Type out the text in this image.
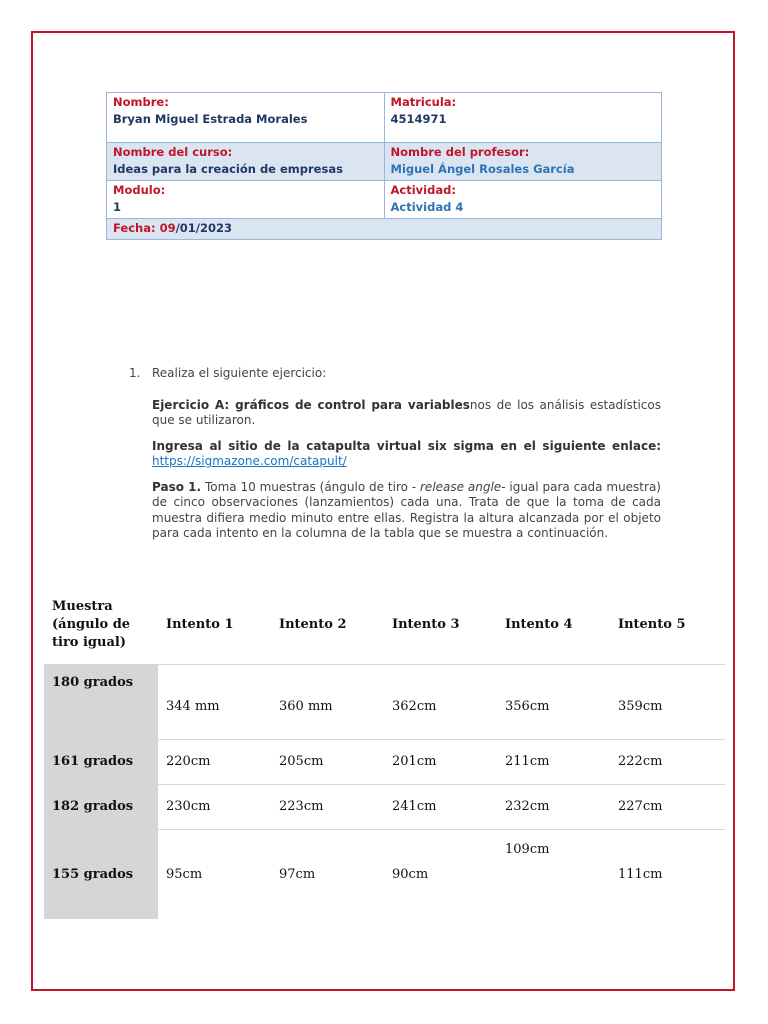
Nombre:
Bryan Miguel Estrada Morales	Matricula:
4514971

Nombre del curso:
Ideas para la creación de empresas	Nombre del profesor:
Miguel Ángel Rosales García

Modulo:
1	Actividad:
Actividad 4

Fecha: 09/01/2023	

1. Realiza el siguiente ejercicio:

Ejercicio A: gráficos de control para variablesnos de los análisis estadísticos que se utilizaron.

Ingresa al sitio de la catapulta virtual six sigma en el siguiente enlace: https://sigmazone.com/catapult/

Paso 1. Toma 10 muestras (ángulo de tiro - release angle- igual para cada muestra) de cinco observaciones (lanzamientos) cada una. Trata de que la toma de cada muestra difiera medio minuto entre ellas. Registra la altura alcanzada por el objeto para cada intento en la columna de la tabla que se muestra a continuación.

Muestra (ángulo de tiro igual)	Intento 1	Intento 2	Intento 3	Intento 4	Intento 5
180 grados	344 mm	360 mm	362cm	356cm	359cm
161 grados	220cm	205cm	201cm	211cm	222cm
182 grados	230cm	223cm	241cm	232cm	227cm
155 grados	95cm	97cm	90cm	109cm	111cm
